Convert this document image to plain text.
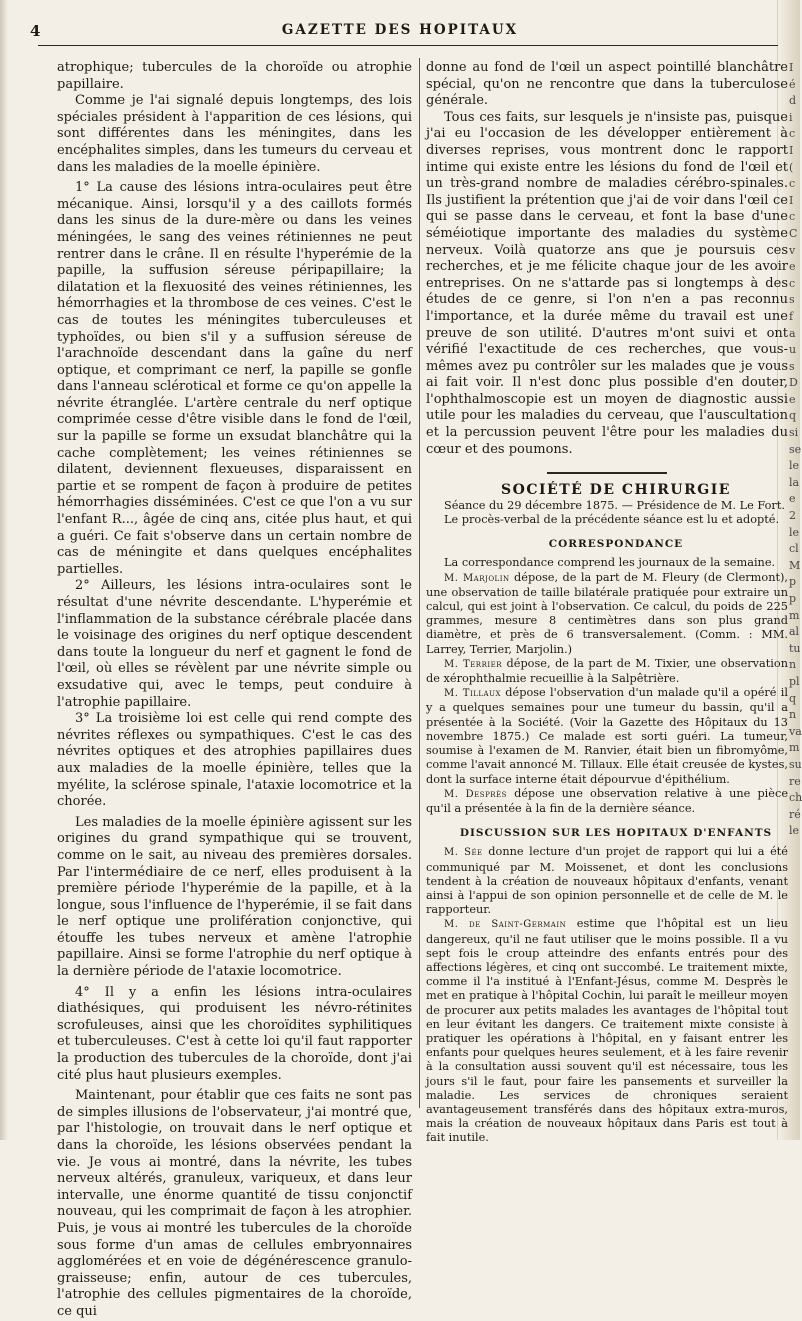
4	GAZETTE DES HOPITAUX

atrophique; tubercules de la choroïde ou atrophie papillaire.

Comme je l'ai signalé depuis longtemps, des lois spéciales président à l'apparition de ces lésions, qui sont différentes dans les méningites, dans les encéphalites simples, dans les tumeurs du cerveau et dans les maladies de la moelle épinière.

1° La cause des lésions intra-oculaires peut être mécanique. Ainsi, lorsqu'il y a des caillots formés dans les sinus de la dure-mère ou dans les veines méningées, le sang des veines rétiniennes ne peut rentrer dans le crâne. Il en résulte l'hyperémie de la papille, la suffusion séreuse péripapillaire; la dilatation et la flexuosité des veines rétiniennes, les hémorrhagies et la thrombose de ces veines. C'est le cas de toutes les méningites tuberculeuses et typhoïdes, ou bien s'il y a suffusion séreuse de l'arachnoïde descendant dans la gaîne du nerf optique, et comprimant ce nerf, la papille se gonfle dans l'anneau sclérotical et forme ce qu'on appelle la névrite étranglée. L'artère centrale du nerf optique comprimée cesse d'être visible dans le fond de l'œil, sur la papille se forme un exsudat blanchâtre qui la cache complètement; les veines rétiniennes se dilatent, deviennent flexueuses, disparaissent en partie et se rompent de façon à produire de petites hémorrhagies disséminées. C'est ce que l'on a vu sur l'enfant R..., âgée de cinq ans, citée plus haut, et qui a guéri. Ce fait s'observe dans un certain nombre de cas de méningite et dans quelques encéphalites partielles.

2° Ailleurs, les lésions intra-oculaires sont le résultat d'une névrite descendante. L'hyperémie et l'inflammation de la substance cérébrale placée dans le voisinage des origines du nerf optique descendent dans toute la longueur du nerf et gagnent le fond de l'œil, où elles se révèlent par une névrite simple ou exsudative qui, avec le temps, peut conduire à l'atrophie papillaire.

3° La troisième loi est celle qui rend compte des névrites réflexes ou sympathiques. C'est le cas des névrites optiques et des atrophies papillaires dues aux maladies de la moelle épinière, telles que la myélite, la sclérose spinale, l'ataxie locomotrice et la chorée.

Les maladies de la moelle épinière agissent sur les origines du grand sympathique qui se trouvent, comme on le sait, au niveau des premières dorsales. Par l'intermédiaire de ce nerf, elles produisent à la première période l'hyperémie de la papille, et à la longue, sous l'influence de l'hyperémie, il se fait dans le nerf optique une prolifération conjonctive, qui étouffe les tubes nerveux et amène l'atrophie papillaire. Ainsi se forme l'atrophie du nerf optique à la dernière période de l'ataxie locomotrice.

4° Il y a enfin les lésions intra-oculaires diathésiques, qui produisent les névro-rétinites scrofuleuses, ainsi que les choroïdites syphilitiques et tuberculeuses. C'est à cette loi qu'il faut rapporter la production des tubercules de la choroïde, dont j'ai cité plus haut plusieurs exemples.

Maintenant, pour établir que ces faits ne sont pas de simples illusions de l'observateur, j'ai montré que, par l'histologie, on trouvait dans le nerf optique et dans la choroïde, les lésions observées pendant la vie. Je vous ai montré, dans la névrite, les tubes nerveux altérés, granuleux, variqueux, et dans leur intervalle, une énorme quantité de tissu conjonctif nouveau, qui les comprimait de façon à les atrophier. Puis, je vous ai montré les tubercules de la choroïde sous forme d'un amas de cellules embryonnaires agglomérées et en voie de dégénérescence granulo-graisseuse; enfin, autour de ces tubercules, l'atrophie des cellules pigmentaires de la choroïde, ce qui

donne au fond de l'œil un aspect pointillé blanchâtre spécial, qu'on ne rencontre que dans la tuberculose générale.

Tous ces faits, sur lesquels je n'insiste pas, puisque j'ai eu l'occasion de les développer entièrement à diverses reprises, vous montrent donc le rapport intime qui existe entre les lésions du fond de l'œil et un très-grand nombre de maladies cérébro-spinales. Ils justifient la prétention que j'ai de voir dans l'œil ce qui se passe dans le cerveau, et font la base d'une séméiotique importante des maladies du système nerveux. Voilà quatorze ans que je poursuis ces recherches, et je me félicite chaque jour de les avoir entreprises. On ne s'attarde pas si longtemps à des études de ce genre, si l'on n'en a pas reconnu l'importance, et la durée même du travail est une preuve de son utilité. D'autres m'ont suivi et ont vérifié l'exactitude de ces recherches, que vous-mêmes avez pu contrôler sur les malades que je vous ai fait voir. Il n'est donc plus possible d'en douter, l'ophthalmoscopie est un moyen de diagnostic aussi utile pour les maladies du cerveau, que l'auscultation et la percussion peuvent l'être pour les maladies du cœur et des poumons.

SOCIÉTÉ DE CHIRURGIE

Séance du 29 décembre 1875. — Présidence de M. Le Fort.

Le procès-verbal de la précédente séance est lu et adopté.

CORRESPONDANCE

La correspondance comprend les journaux de la semaine.

M. Marjolin dépose, de la part de M. Fleury (de Clermont), une observation de taille bilatérale pratiquée pour extraire un calcul, qui est joint à l'observation. Ce calcul, du poids de 225 grammes, mesure 8 centimètres dans son plus grand diamètre, et près de 6 transversalement. (Comm. : MM. Larrey, Terrier, Marjolin.)

M. Terrier dépose, de la part de M. Tixier, une observation de xérophthalmie recueillie à la Salpêtrière.

M. Tillaux dépose l'observation d'un malade qu'il a opéré il y a quelques semaines pour une tumeur du bassin, qu'il a présentée à la Société. (Voir la Gazette des Hôpitaux du 13 novembre 1875.) Ce malade est sorti guéri. La tumeur, soumise à l'examen de M. Ranvier, était bien un fibromyôme, comme l'avait annoncé M. Tillaux. Elle était creusée de kystes, dont la surface interne était dépourvue d'épithélium.

M. Desprès dépose une observation relative à une pièce qu'il a présentée à la fin de la dernière séance.

DISCUSSION SUR LES HOPITAUX D'ENFANTS

M. Sée donne lecture d'un projet de rapport qui lui a été communiqué par M. Moissenet, et dont les conclusions tendent à la création de nouveaux hôpitaux d'enfants, venant ainsi à l'appui de son opinion personnelle et de celle de M. le rapporteur.

M. de Saint-Germain estime que l'hôpital est un lieu dangereux, qu'il ne faut utiliser que le moins possible. Il a vu sept fois le croup atteindre des enfants entrés pour des affections légères, et cinq ont succombé. Le traitement mixte, comme il l'a institué à l'Enfant-Jésus, comme M. Desprès le met en pratique à l'hôpital Cochin, lui paraît le meilleur moyen de procurer aux petits malades les avantages de l'hôpital tout en leur évitant les dangers. Ce traitement mixte consiste à pratiquer les opérations à l'hôpital, en y faisant entrer les enfants pour quelques heures seulement, et à les faire revenir à la consultation aussi souvent qu'il est nécessaire, tous les jours s'il le faut, pour faire les pansements et surveiller la maladie. Les services de chroniques seraient avantageusement transférés dans des hôpitaux extra-muros, mais la création de nouveaux hôpitaux dans Paris est tout à fait inutile.

I
é
d
i
c
I
(
c
I
c
C
v
e
c
s
f
a
u
s
D
e
q
si
se
le
la
e
2
le
cl
M
p
p
m
al
tu
n
pl
q
n
va
m
su
re
ch
ré
le
